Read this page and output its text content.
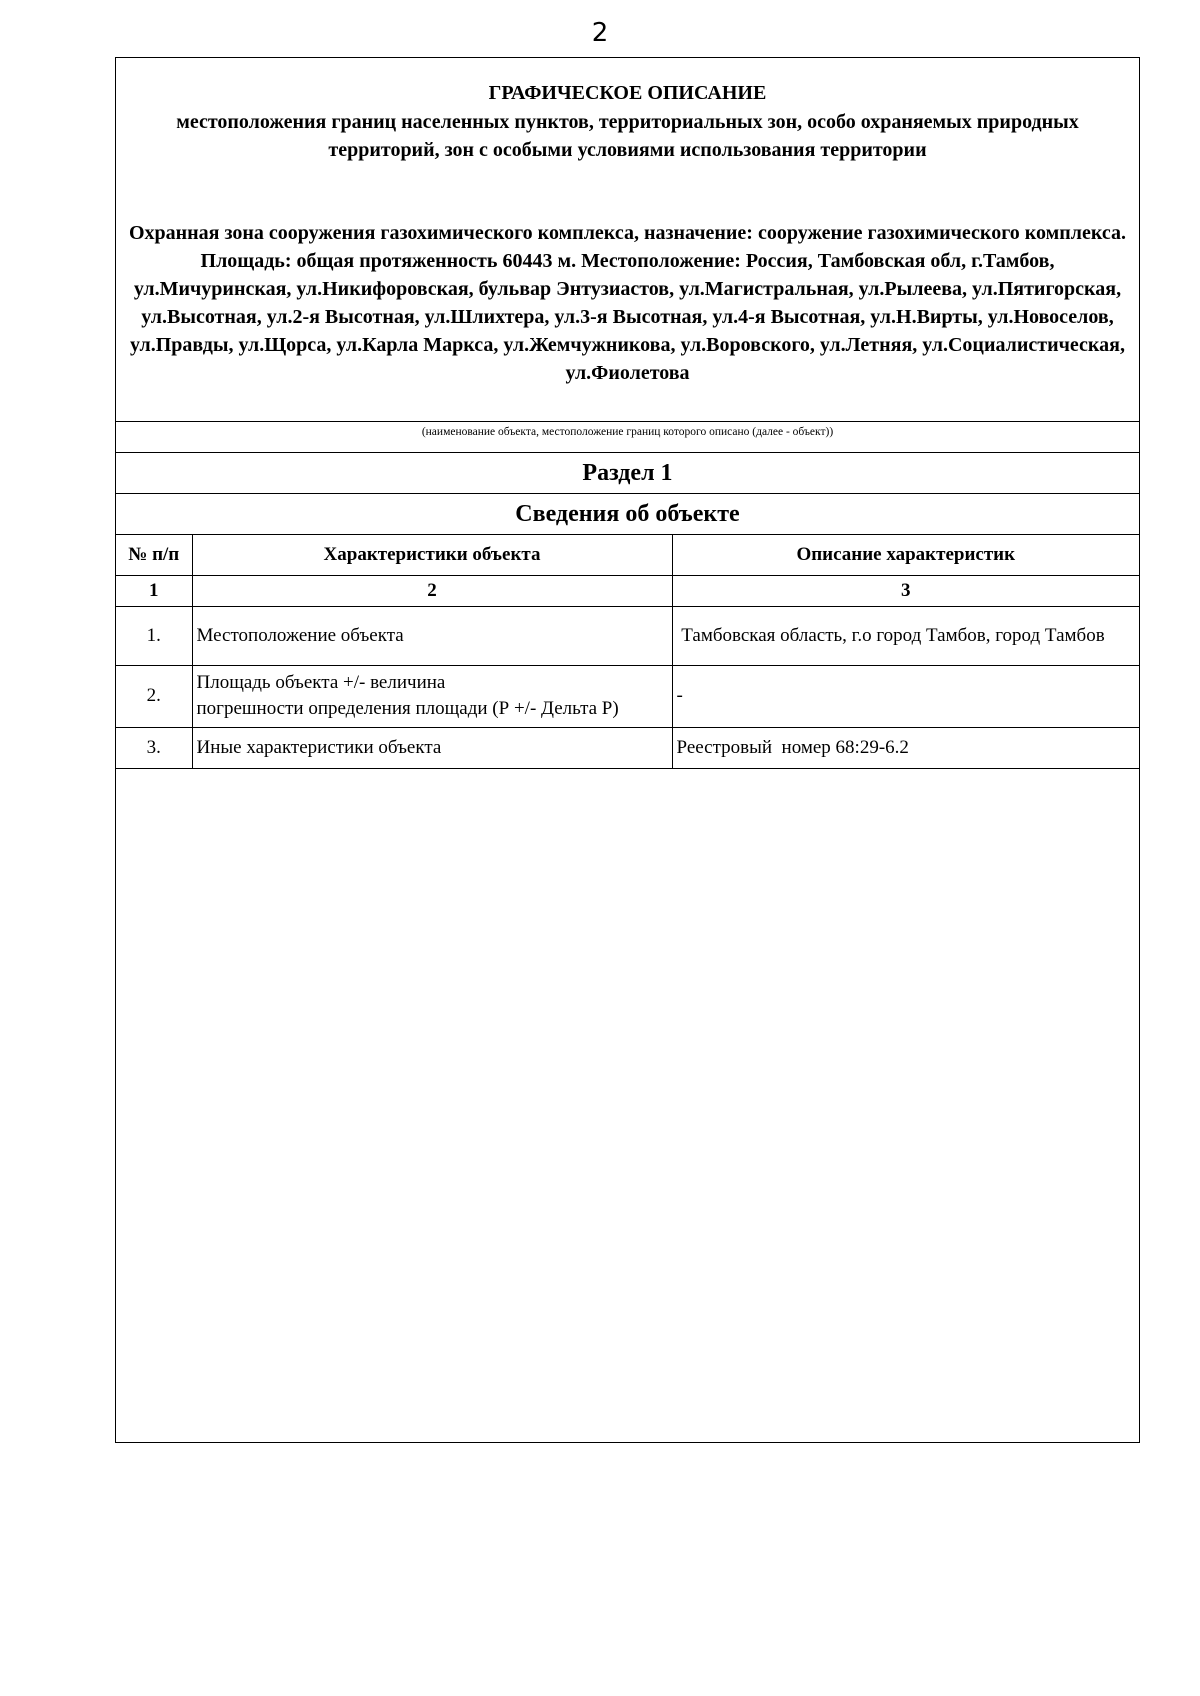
2
ГРАФИЧЕСКОЕ ОПИСАНИЕ
местоположения границ населенных пунктов, территориальных зон, особо охраняемых природных территорий, зон с особыми условиями использования территории
Охранная зона сооружения газохимического комплекса, назначение: сооружение газохимического комплекса. Площадь: общая протяженность 60443 м. Местоположение: Россия, Тамбовская обл, г.Тамбов, ул.Мичуринская, ул.Никифоровская, бульвар Энтузиастов, ул.Магистральная, ул.Рылеева, ул.Пятигорская, ул.Высотная, ул.2-я Высотная, ул.Шлихтера, ул.3-я Высотная, ул.4-я Высотная, ул.Н.Вирты, ул.Новоселов, ул.Правды, ул.Щорса, ул.Карла Маркса, ул.Жемчужникова, ул.Воровского, ул.Летняя, ул.Социалистическая, ул.Фиолетова
(наименование объекта, местоположение границ которого описано (далее - объект))
Раздел 1
Сведения об объекте
№ п/п	Характеристики объекта	Описание характеристик
1	2	3
1.	Местоположение объекта	Тамбовская область, г.о город Тамбов, город Тамбов
2.	Площадь объекта +/- величина
погрешности определения площади (Р +/- Дельта Р)	-
3.	Иные характеристики объекта	Реестровый  номер 68:29-6.2
